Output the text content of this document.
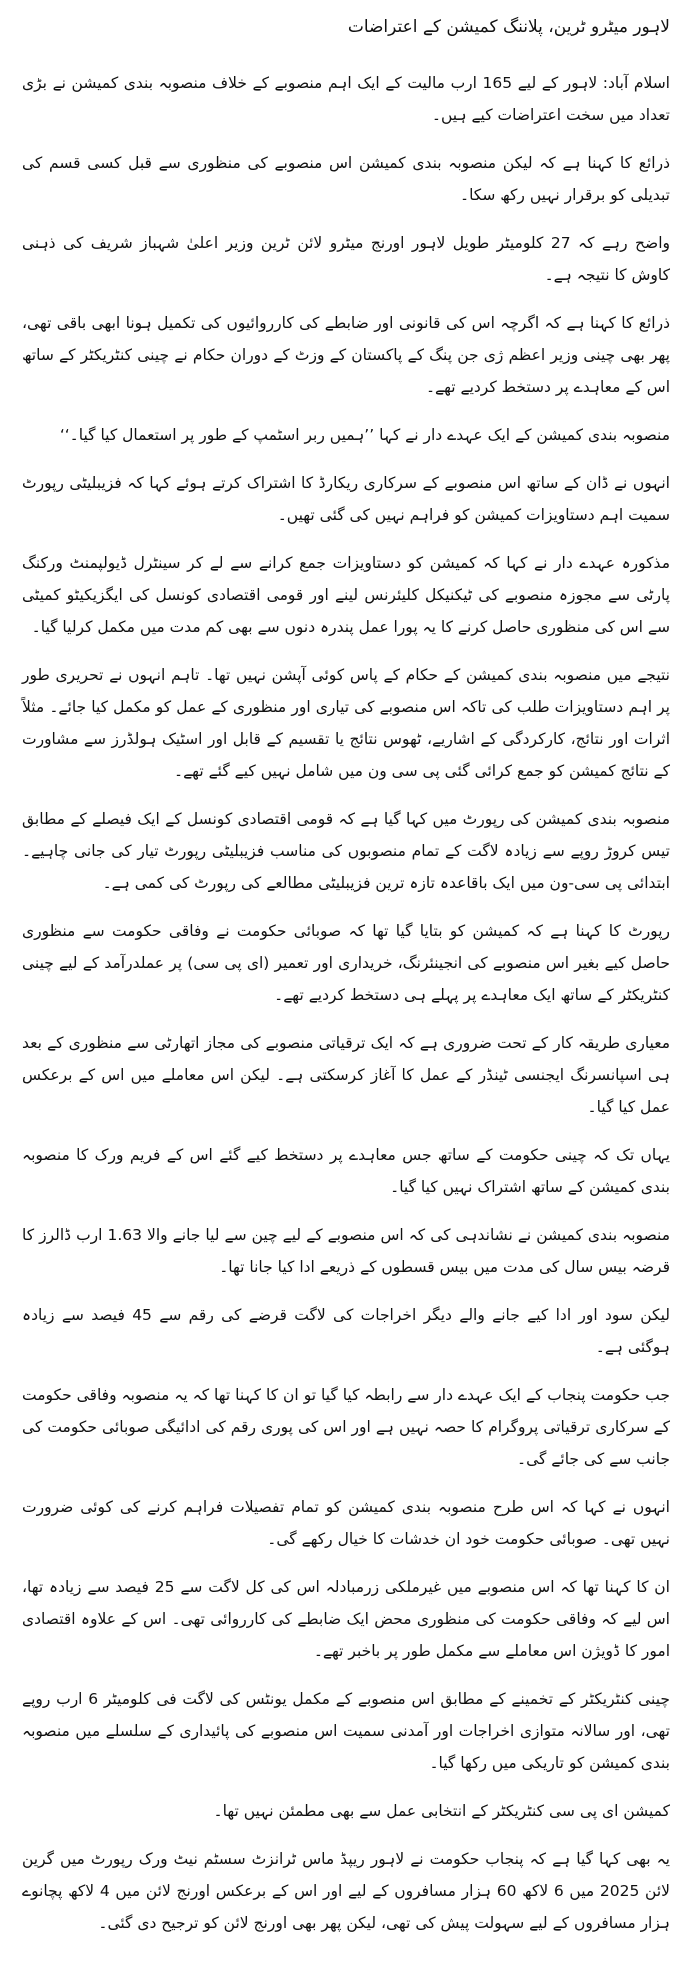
لاہور میٹرو ٹرین، پلاننگ کمیشن کے اعتراضات

اسلام آباد: لاہور کے لیے 165 ارب مالیت کے ایک اہم منصوبے کے خلاف منصوبہ بندی کمیشن نے بڑی تعداد میں سخت اعتراضات کیے ہیں۔

ذرائع کا کہنا ہے کہ لیکن منصوبہ بندی کمیشن اس منصوبے کی منظوری سے قبل کسی قسم کی تبدیلی کو برقرار نہیں رکھ سکا۔

واضح رہے کہ 27 کلومیٹر طویل لاہور اورنج میٹرو لائن ٹرین وزیر اعلیٰ شہباز شریف کی ذہنی کاوش کا نتیجہ ہے۔

ذرائع کا کہنا ہے کہ اگرچہ اس کی قانونی اور ضابطے کی کارروائیوں کی تکمیل ہونا ابھی باقی تھی، پھر بھی چینی وزیر اعظم ژی جن پنگ کے پاکستان کے وزٹ کے دوران حکام نے چینی کنٹریکٹر کے ساتھ اس کے معاہدے پر دستخط کردیے تھے۔

منصوبہ بندی کمیشن کے ایک عہدے دار نے کہا ’’ہمیں ربر اسٹمپ کے طور پر استعمال کیا گیا۔‘‘

انہوں نے ڈان کے ساتھ اس منصوبے کے سرکاری ریکارڈ کا اشتراک کرتے ہوئے کہا کہ فزیبلیٹی رپورٹ سمیت اہم دستاویزات کمیشن کو فراہم نہیں کی گئی تھیں۔

مذکورہ عہدے دار نے کہا کہ کمیشن کو دستاویزات جمع کرانے سے لے کر سینٹرل ڈیولپمنٹ ورکنگ پارٹی سے مجوزہ منصوبے کی ٹیکنیکل کلیئرنس لینے اور قومی اقتصادی کونسل کی ایگزیکیٹو کمیٹی سے اس کی منظوری حاصل کرنے کا یہ پورا عمل پندرہ دنوں سے بھی کم مدت میں مکمل کرلیا گیا۔

نتیجے میں منصوبہ بندی کمیشن کے حکام کے پاس کوئی آپشن نہیں تھا۔ تاہم انہوں نے تحریری طور پر اہم دستاویزات طلب کی تاکہ اس منصوبے کی تیاری اور منظوری کے عمل کو مکمل کیا جائے۔ مثلاً اثرات اور نتائج، کارکردگی کے اشاریے، ٹھوس نتائج یا تقسیم کے قابل اور اسٹیک ہولڈرز سے مشاورت کے نتائج کمیشن کو جمع کرائی گئی پی سی ون میں شامل نہیں کیے گئے تھے۔

منصوبہ بندی کمیشن کی رپورٹ میں کہا گیا ہے کہ قومی اقتصادی کونسل کے ایک فیصلے کے مطابق تیس کروڑ روپے سے زیادہ لاگت کے تمام منصوبوں کی مناسب فزیبلیٹی رپورٹ تیار کی جانی چاہیے۔ ابتدائی پی سی-ون میں ایک باقاعدہ تازہ ترین فزیبلیٹی مطالعے کی رپورٹ کی کمی ہے۔

رپورٹ کا کہنا ہے کہ کمیشن کو بتایا گیا تھا کہ صوبائی حکومت نے وفاقی حکومت سے منظوری حاصل کیے بغیر اس منصوبے کی انجینئرنگ، خریداری اور تعمیر (ای پی سی) پر عملدرآمد کے لیے چینی کنٹریکٹر کے ساتھ ایک معاہدے پر پہلے ہی دستخط کردیے تھے۔

معیاری طریقہ کار کے تحت ضروری ہے کہ ایک ترقیاتی منصوبے کی مجاز اتھارٹی سے منظوری کے بعد ہی اسپانسرنگ ایجنسی ٹینڈر کے عمل کا آغاز کرسکتی ہے۔ لیکن اس معاملے میں اس کے برعکس عمل کیا گیا۔

یہاں تک کہ چینی حکومت کے ساتھ جس معاہدے پر دستخط کیے گئے اس کے فریم ورک کا منصوبہ بندی کمیشن کے ساتھ اشتراک نہیں کیا گیا۔

منصوبہ بندی کمیشن نے نشاندہی کی کہ اس منصوبے کے لیے چین سے لیا جانے والا 1.63 ارب ڈالرز کا قرضہ بیس سال کی مدت میں بیس قسطوں کے ذریعے ادا کیا جانا تھا۔

لیکن سود اور ادا کیے جانے والے دیگر اخراجات کی لاگت قرضے کی رقم سے 45 فیصد سے زیادہ ہوگئی ہے۔

جب حکومت پنجاب کے ایک عہدے دار سے رابطہ کیا گیا تو ان کا کہنا تھا کہ یہ منصوبہ وفاقی حکومت کے سرکاری ترقیاتی پروگرام کا حصہ نہیں ہے اور اس کی پوری رقم کی ادائیگی صوبائی حکومت کی جانب سے کی جائے گی۔

انہوں نے کہا کہ اس طرح منصوبہ بندی کمیشن کو تمام تفصیلات فراہم کرنے کی کوئی ضرورت نہیں تھی۔ صوبائی حکومت خود ان خدشات کا خیال رکھے گی۔

ان کا کہنا تھا کہ اس منصوبے میں غیرملکی زرمبادلہ اس کی کل لاگت سے 25 فیصد سے زیادہ تھا، اس لیے کہ وفاقی حکومت کی منظوری محض ایک ضابطے کی کارروائی تھی۔ اس کے علاوہ اقتصادی امور کا ڈویژن اس معاملے سے مکمل طور پر باخبر تھے۔

چینی کنٹریکٹر کے تخمینے کے مطابق اس منصوبے کے مکمل یونٹس کی لاگت فی کلومیٹر 6 ارب روپے تھی، اور سالانہ متوازی اخراجات اور آمدنی سمیت اس منصوبے کی پائیداری کے سلسلے میں منصوبہ بندی کمیشن کو تاریکی میں رکھا گیا۔

کمیشن ای پی سی کنٹریکٹر کے انتخابی عمل سے بھی مطمئن نہیں تھا۔

یہ بھی کہا گیا ہے کہ پنجاب حکومت نے لاہور ریپڈ ماس ٹرانزٹ سسٹم نیٹ ورک رپورٹ میں گرین لائن 2025 میں 6 لاکھ 60 ہزار مسافروں کے لیے اور اس کے برعکس اورنج لائن میں 4 لاکھ پچانوے ہزار مسافروں کے لیے سہولت پیش کی تھی، لیکن پھر بھی اورنج لائن کو ترجیح دی گئی۔
